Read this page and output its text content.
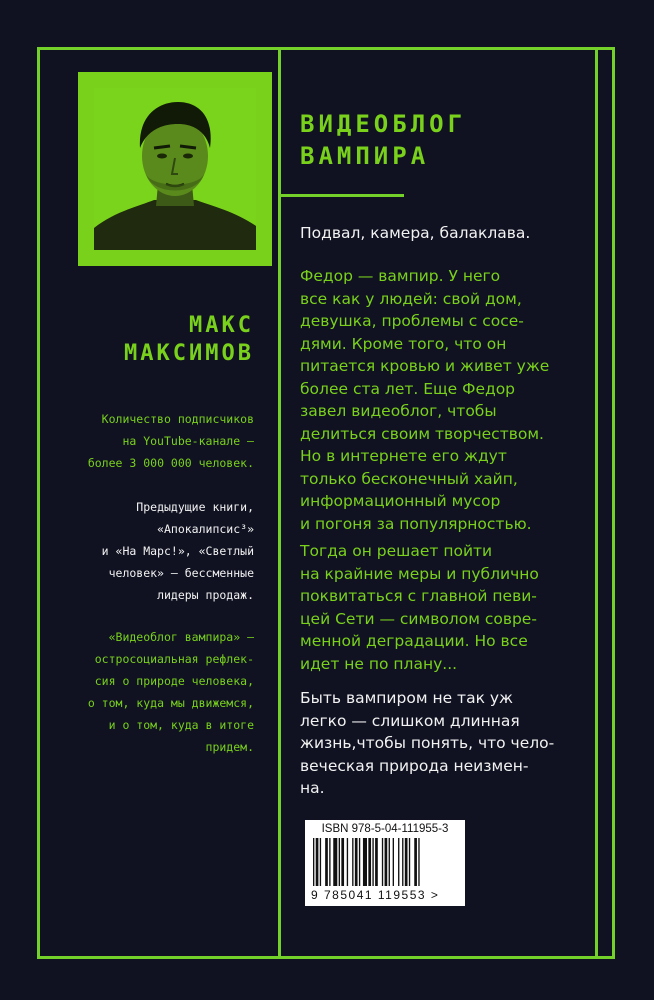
МАКС
МАКСИМОВ
Количество подписчиков
на YouTube-канале —
более 3 000 000 человек.
Предыдущие книги,
«Апокалипсис³»
и «На Марс!», «Светлый
человек» — бессменные
лидеры продаж.
«Видеоблог вампира» —
остросоциальная рефлек-
сия о природе человека,
о том, куда мы движемся,
и о том, куда в итоге
придем.
ВИДЕОБЛОГ
ВАМПИРА
Подвал, камера, балаклава.
Федор — вампир. У него
все как у людей: свой дом,
девушка, проблемы с сосе-
дями. Кроме того, что он
питается кровью и живет уже
более ста лет. Еще Федор
завел видеоблог, чтобы
делиться своим творчеством.
Но в интернете его ждут
только бесконечный хайп,
информационный мусор
и погоня за популярностью.
Тогда он решает пойти
на крайние меры и публично
поквитаться с главной певи-
цей Сети — символом совре-
менной деградации. Но все
идет не по плану...
Быть вампиром не так уж
легко — слишком длинная
жизнь,чтобы понять, что чело-
веческая природа неизмен-
на.
ISBN 978-5-04-111955-3
9 785041 119553 >
